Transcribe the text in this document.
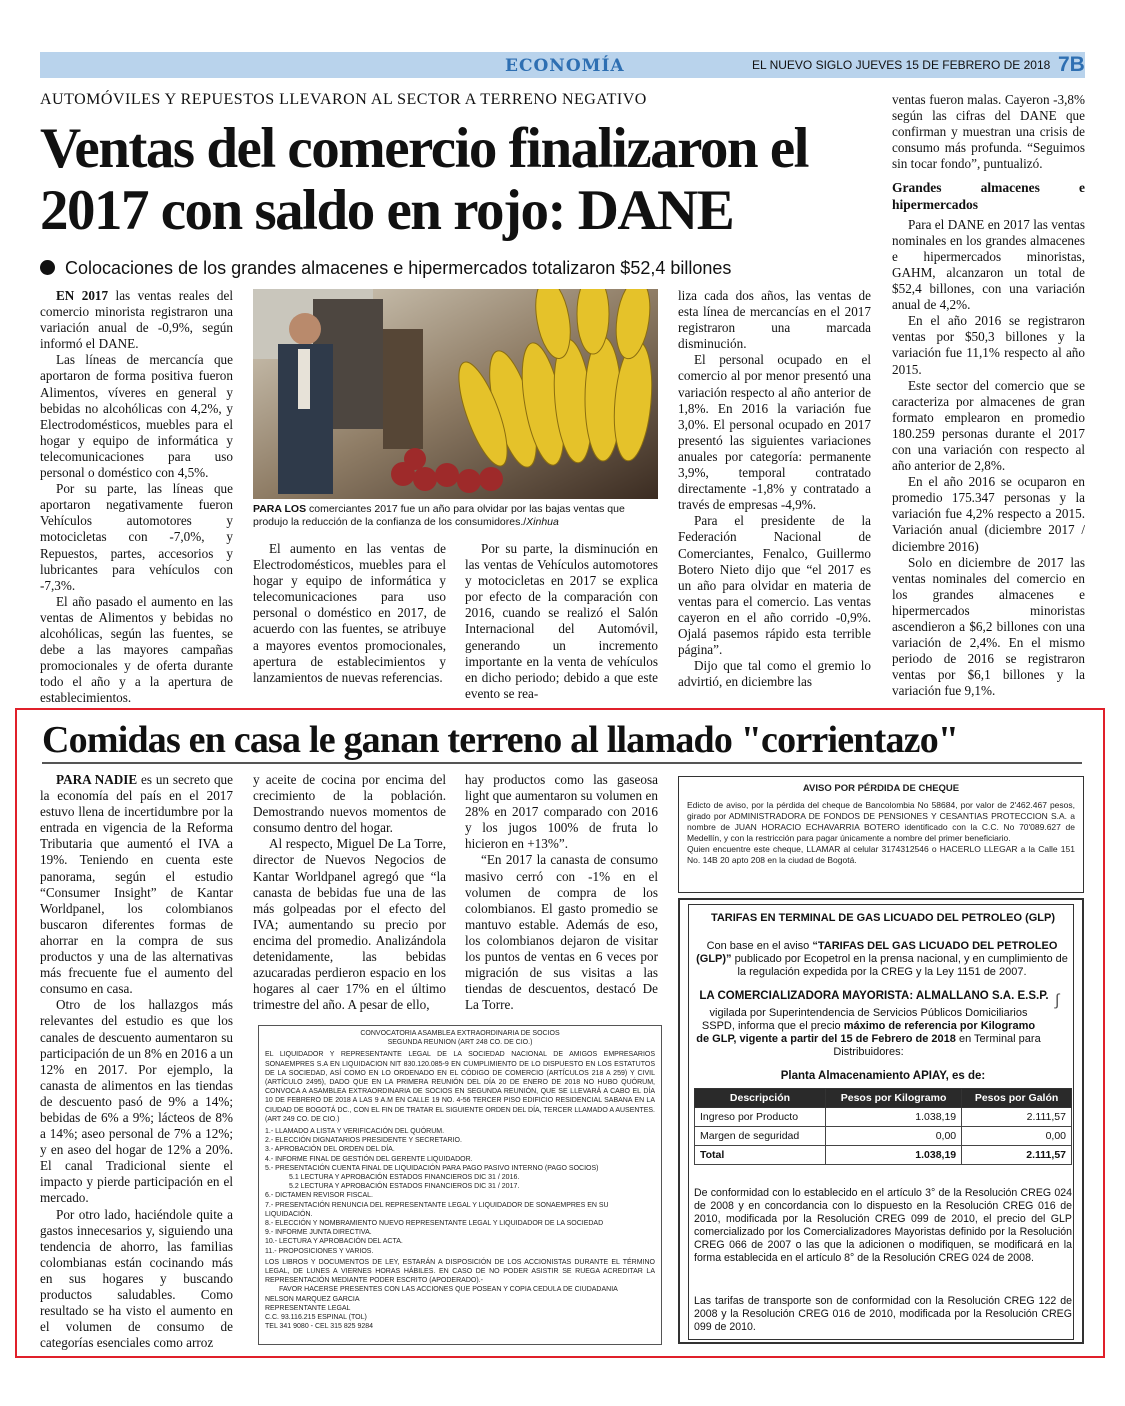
ECONOMÍA	EL NUEVO SIGLO JUEVES 15 DE FEBRERO DE 2018 7B
AUTOMÓVILES Y REPUESTOS LLEVARON AL SECTOR A TERRENO NEGATIVO
Ventas del comercio finalizaron el 2017 con saldo en rojo: DANE
Colocaciones de los grandes almacenes e hipermercados totalizaron $52,4 billones

EN 2017 las ventas reales del comercio minorista registraron una variación anual de -0,9%, según informó el DANE.

Las líneas de mercancía que aportaron de forma positiva fueron Alimentos, víveres en general y bebidas no alcohólicas con 4,2%, y Electrodomésticos, muebles para el hogar y equipo de informática y telecomunicaciones para uso personal o doméstico con 4,5%.

Por su parte, las líneas que aportaron negativamente fueron Vehículos automotores y motocicletas con -7,0%, y Repuestos, partes, accesorios y lubricantes para vehículos con -7,3%.

El año pasado el aumento en las ventas de Alimentos y bebidas no alcohólicas, según las fuentes, se debe a las mayores campañas promocionales y de oferta durante todo el año y a la apertura de establecimientos.

PARA LOS comerciantes 2017 fue un año para olvidar por las bajas ventas que produjo la reducción de la confianza de los consumidores./Xinhua

El aumento en las ventas de Electrodomésticos, muebles para el hogar y equipo de informática y telecomunicaciones para uso personal o doméstico en 2017, de acuerdo con las fuentes, se atribuye a mayores eventos promocionales, apertura de establecimientos y lanzamientos de nuevas referencias.

Por su parte, la disminución en las ventas de Vehículos automotores y motocicletas en 2017 se explica por efecto de la comparación con 2016, cuando se realizó el Salón Internacional del Automóvil, generando un incremento importante en la venta de vehículos en dicho periodo; debido a que este evento se rea-

liza cada dos años, las ventas de esta línea de mercancías en el 2017 registraron una marcada disminución.

El personal ocupado en el comercio al por menor presentó una variación respecto al año anterior de 1,8%. En 2016 la variación fue 3,0%. El personal ocupado en 2017 presentó las siguientes variaciones anuales por categoría: permanente 3,9%, temporal contratado directamente -1,8% y contratado a través de empresas -4,9%.

Para el presidente de la Federación Nacional de Comerciantes, Fenalco, Guillermo Botero Nieto dijo que “el 2017 es un año para olvidar en materia de ventas para el comercio. Las ventas cayeron en el año corrido -0,9%. Ojalá pasemos rápido esta terrible página”.

Dijo que tal como el gremio lo advirtió, en diciembre las

ventas fueron malas. Cayeron -3,8% según las cifras del DANE que confirman y muestran una crisis de consumo más profunda. “Seguimos sin tocar fondo”, puntualizó.

Grandes almacenes e hipermercados

Para el DANE en 2017 las ventas nominales en los grandes almacenes e hipermercados minoristas, GAHM, alcanzaron un total de $52,4 billones, con una variación anual de 4,2%.

En el año 2016 se registraron ventas por $50,3 billones y la variación fue 11,1% respecto al año 2015.

Este sector del comercio que se caracteriza por almacenes de gran formato emplearon en promedio 180.259 personas durante el 2017 con una variación con respecto al año anterior de 2,8%.

En el año 2016 se ocuparon en promedio 175.347 personas y la variación fue 4,2% respecto a 2015. Variación anual (diciembre 2017 / diciembre 2016)

Solo en diciembre de 2017 las ventas nominales del comercio en los grandes almacenes e hipermercados minoristas ascendieron a $6,2 billones con una variación de 2,4%. En el mismo periodo de 2016 se registraron ventas por $6,1 billones y la variación fue 9,1%.

Comidas en casa le ganan terreno al llamado "corrientazo"

PARA NADIE es un secreto que la economía del país en el 2017 estuvo llena de incertidumbre por la entrada en vigencia de la Reforma Tributaria que aumentó el IVA a 19%. Teniendo en cuenta este panorama, según el estudio “Consumer Insight” de Kantar Worldpanel, los colombianos buscaron diferentes formas de ahorrar en la compra de sus productos y una de las alternativas más frecuente fue el aumento del consumo en casa.

Otro de los hallazgos más relevantes del estudio es que los canales de descuento aumentaron su participación de un 8% en 2016 a un 12% en 2017. Por ejemplo, la canasta de alimentos en las tiendas de descuento pasó de 9% a 14%; bebidas de 6% a 9%; lácteos de 8% a 14%; aseo personal de 7% a 12%; y en aseo del hogar de 12% a 20%. El canal Tradicional siente el impacto y pierde participación en el mercado.

Por otro lado, haciéndole quite a gastos innecesarios y, siguiendo una tendencia de ahorro, las familias colombianas están cocinando más en sus hogares y buscando productos saludables. Como resultado se ha visto el aumento en el volumen de consumo de categorías esenciales como arroz

y aceite de cocina por encima del crecimiento de la población. Demostrando nuevos momentos de consumo dentro del hogar.

Al respecto, Miguel De La Torre, director de Nuevos Negocios de Kantar Worldpanel agregó que “la canasta de bebidas fue una de las más golpeadas por el efecto del IVA; aumentando su precio por encima del promedio. Analizándola detenidamente, las bebidas azucaradas perdieron espacio en los hogares al caer 17% en el último trimestre del año. A pesar de ello,

hay productos como las gaseosa light que aumentaron su volumen en 28% en 2017 comparado con 2016 y los jugos 100% de fruta lo hicieron en +13%”.

“En 2017 la canasta de consumo masivo cerró con -1% en el volumen de compra de los colombianos. El gasto promedio se mantuvo estable. Además de eso, los colombianos dejaron de visitar los puntos de ventas en 6 veces por migración de sus visitas a las tiendas de descuentos, destacó De La Torre.

CONVOCATORIA ASAMBLEA EXTRAORDINARIA DE SOCIOS
SEGUNDA REUNION (ART 248 CO. DE CIO.)
EL LIQUIDADOR Y REPRESENTANTE LEGAL DE LA SOCIEDAD NACIONAL DE AMIGOS EMPRESARIOS SONAEMPRES S.A EN LIQUIDACION NIT 830.120.085-9 EN CUMPLIMIENTO DE LO DISPUESTO EN LOS ESTATUTOS DE LA SOCIEDAD, ASÍ COMO EN LO ORDENADO EN EL CÓDIGO DE COMERCIO (ARTÍCULOS 218 A 259) Y CIVIL (ARTÍCULO 2495), DADO QUE EN LA PRIMERA REUNIÓN DEL DÍA 20 DE ENERO DE 2018 NO HUBO QUÓRUM, CONVOCA A ASAMBLEA EXTRAORDINARIA DE SOCIOS EN SEGUNDA REUNIÓN, QUE SE LLEVARÁ A CABO EL DÍA 10 DE FEBRERO DE 2018 A LAS 9 A.M EN CALLE 19 NO. 4-56 TERCER PISO EDIFICIO RESIDENCIAL SABANA EN LA CIUDAD DE BOGOTÁ DC., CON EL FIN DE TRATAR EL SIGUIENTE ORDEN DEL DÍA, TERCER LLAMADO A AUSENTES. (ART 249 CO. DE CIO.)
1.- LLAMADO A LISTA Y VERIFICACIÓN DEL QUÓRUM.
2.- ELECCIÓN DIGNATARIOS PRESIDENTE Y SECRETARIO.
3.- APROBACIÓN DEL ORDEN DEL DÍA.
4.- INFORME FINAL DE GESTIÓN DEL GERENTE LIQUIDADOR.
5.- PRESENTACIÓN CUENTA FINAL DE LIQUIDACIÓN PARA PAGO PASIVO INTERNO (PAGO SOCIOS)
5.1 LECTURA Y APROBACIÓN ESTADOS FINANCIEROS DIC 31 / 2016.
5.2 LECTURA Y APROBACIÓN ESTADOS FINANCIEROS DIC 31 / 2017.
6.- DICTAMEN REVISOR FISCAL.
7.- PRESENTACIÓN RENUNCIA DEL REPRESENTANTE LEGAL Y LIQUIDADOR DE SONAEMPRES EN SU LIQUIDACIÓN.
8.- ELECCIÓN Y NOMBRAMIENTO NUEVO REPRESENTANTE LEGAL Y LIQUIDADOR DE LA SOCIEDAD
9.- INFORME JUNTA DIRECTIVA.
10.- LECTURA Y APROBACIÓN DEL ACTA.
11.- PROPOSICIONES Y VARIOS.
LOS LIBROS Y DOCUMENTOS DE LEY, ESTARÁN A DISPOSICIÓN DE LOS ACCIONISTAS DURANTE EL TÉRMINO LEGAL, DE LUNES A VIERNES HORAS HÁBILES. EN CASO DE NO PODER ASISTIR SE RUEGA ACREDITAR LA REPRESENTACIÓN MEDIANTE PODER ESCRITO (APODERADO).-
FAVOR HACERSE PRESENTES CON LAS ACCIONES QUE POSEAN Y COPIA CEDULA DE CIUDADANIA
NELSON MARQUEZ GARCIA
REPRESENTANTE LEGAL
C.C. 93.116.215 ESPINAL (TOL)
TEL 341 9080 - CEL 315 825 9284
AVISO POR PÉRDIDA DE CHEQUE
Edicto de aviso, por la pérdida del cheque de Bancolombia No 58684, por valor de 2'462.467 pesos, girado por ADMINISTRADORA DE FONDOS DE PENSIONES Y CESANTIAS PROTECCION S.A. a nombre de JUAN HORACIO ECHAVARRIA BOTERO identificado con la C.C. No 70'089.627 de Medellín, y con la restricción para pagar únicamente a nombre del primer beneficiario.
Quien encuentre este cheque, LLAMAR al celular 3174312546 o HACERLO LLEGAR a la Calle 151 No. 14B 20 apto 208 en la ciudad de Bogotá.
TARIFAS EN TERMINAL DE GAS LICUADO DEL PETROLEO (GLP)
Con base en el aviso “TARIFAS DEL GAS LICUADO DEL PETROLEO (GLP)” publicado por Ecopetrol en la prensa nacional, y en cumplimiento de la regulación expedida por la CREG y la Ley 1151 de 2007.
LA COMERCIALIZADORA MAYORISTA: ALMALLANO S.A. E.S.P.
vigilada por Superintendencia de Servicios Públicos Domiciliarios SSPD, informa que el precio máximo de referencia por Kilogramo de GLP, vigente a partir del 15 de Febrero de 2018 en Terminal para Distribuidores:
∫
Planta Almacenamiento APIAY, es de:
Descripción	Pesos por Kilogramo	Pesos por Galón
Ingreso por Producto	1.038,19	2.111,57
Margen de seguridad	0,00	0,00
Total	1.038,19	2.111,57
De conformidad con lo establecido en el artículo 3° de la Resolución CREG 024 de 2008 y en concordancia con lo dispuesto en la Resolución CREG 016 de 2010, modificada por la Resolución CREG 099 de 2010, el precio del GLP comercializado por los Comercializadores Mayoristas definido por la Resolución CREG 066 de 2007 o las que la adicionen o modifiquen, se modificará en la forma establecida en el artículo 8° de la Resolución CREG 024 de 2008.
Las tarifas de transporte son de conformidad con la Resolución CREG 122 de 2008 y la Resolución CREG 016 de 2010, modificada por la Resolución CREG 099 de 2010.
